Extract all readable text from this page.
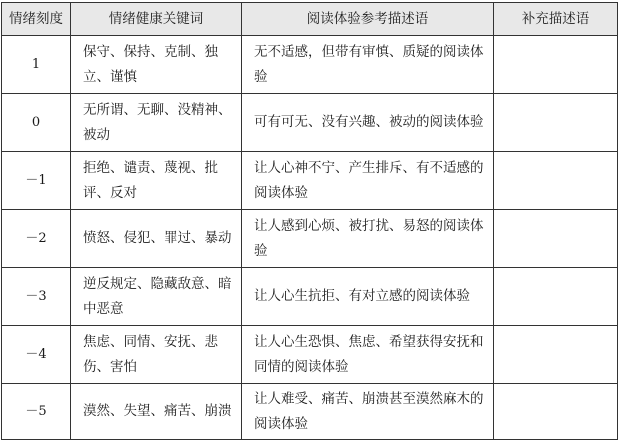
情绪刻度	情绪健康关键词	阅读体验参考描述语	补充描述语
1	保守、保持、克制、独立、谨慎	无不适感，但带有审慎、质疑的阅读体验	
0	无所谓、无聊、没精神、被动	可有可无、没有兴趣、被动的阅读体验	
－1	拒绝、谴责、蔑视、批评、反对	让人心神不宁、产生排斥、有不适感的阅读体验	
－2	愤怒、侵犯、罪过、暴动	让人感到心烦、被打扰、易怒的阅读体验	
－3	逆反规定、隐藏敌意、暗中恶意	让人心生抗拒、有对立感的阅读体验	
－4	焦虑、同情、安抚、悲伤、害怕	让人心生恐惧、焦虑、希望获得安抚和同情的阅读体验	
－5	漠然、失望、痛苦、崩溃	让人难受、痛苦、崩溃甚至漠然麻木的阅读体验	
